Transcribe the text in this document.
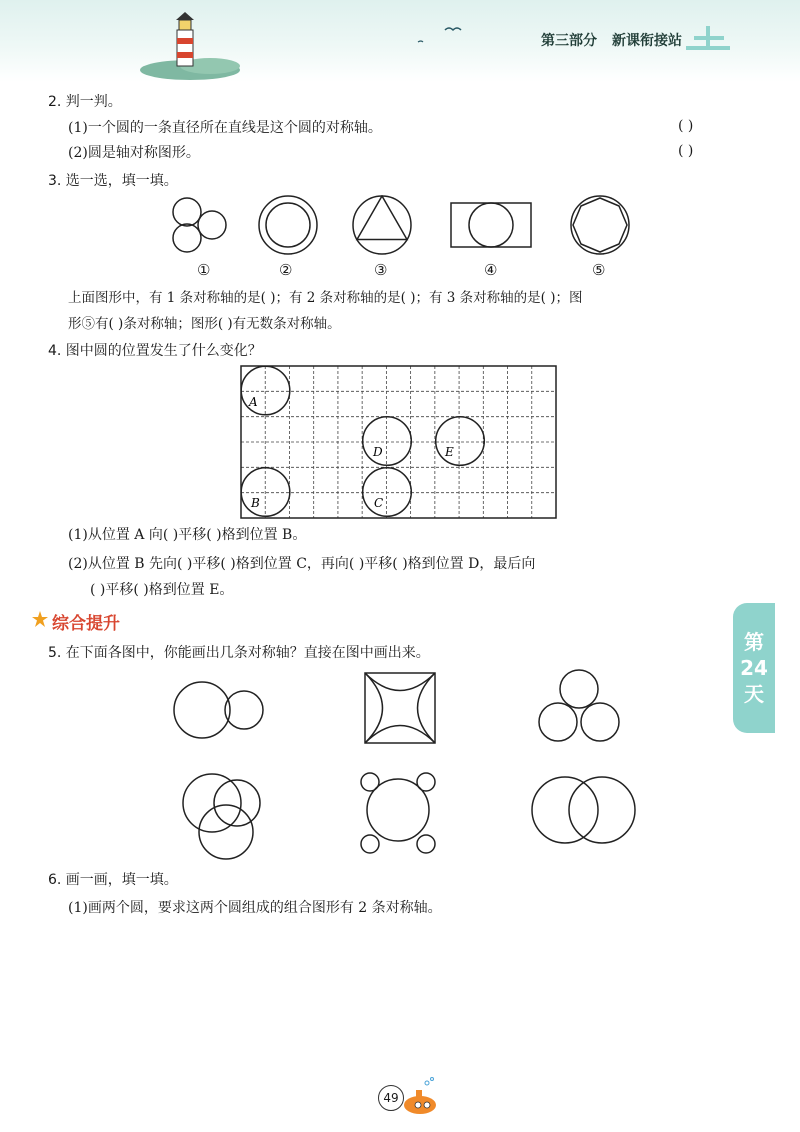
第三部分 新课衔接站
2. 判一判。
(1)一个圆的一条直径所在直线是这个圆的对称轴。	( )
(2)圆是轴对称图形。	( )
3. 选一选，填一填。
①	②	③	④	⑤
上面图形中，有 1 条对称轴的是( )；有 2 条对称轴的是( )；有 3 条对称轴的是( )；图
形⑤有( )条对称轴；图形( )有无数条对称轴。
4. 图中圆的位置发生了什么变化？
A
B	C
D	E
(1)从位置 A 向( )平移( )格到位置 B。
(2)从位置 B 先向( )平移( )格到位置 C，再向( )平移( )格到位置 D，最后向
( )平移( )格到位置 E。
综合提升
第
24
天
5. 在下面各图中，你能画出几条对称轴？直接在图中画出来。
6. 画一画，填一填。
(1)画两个圆，要求这两个圆组成的组合图形有 2 条对称轴。
49
